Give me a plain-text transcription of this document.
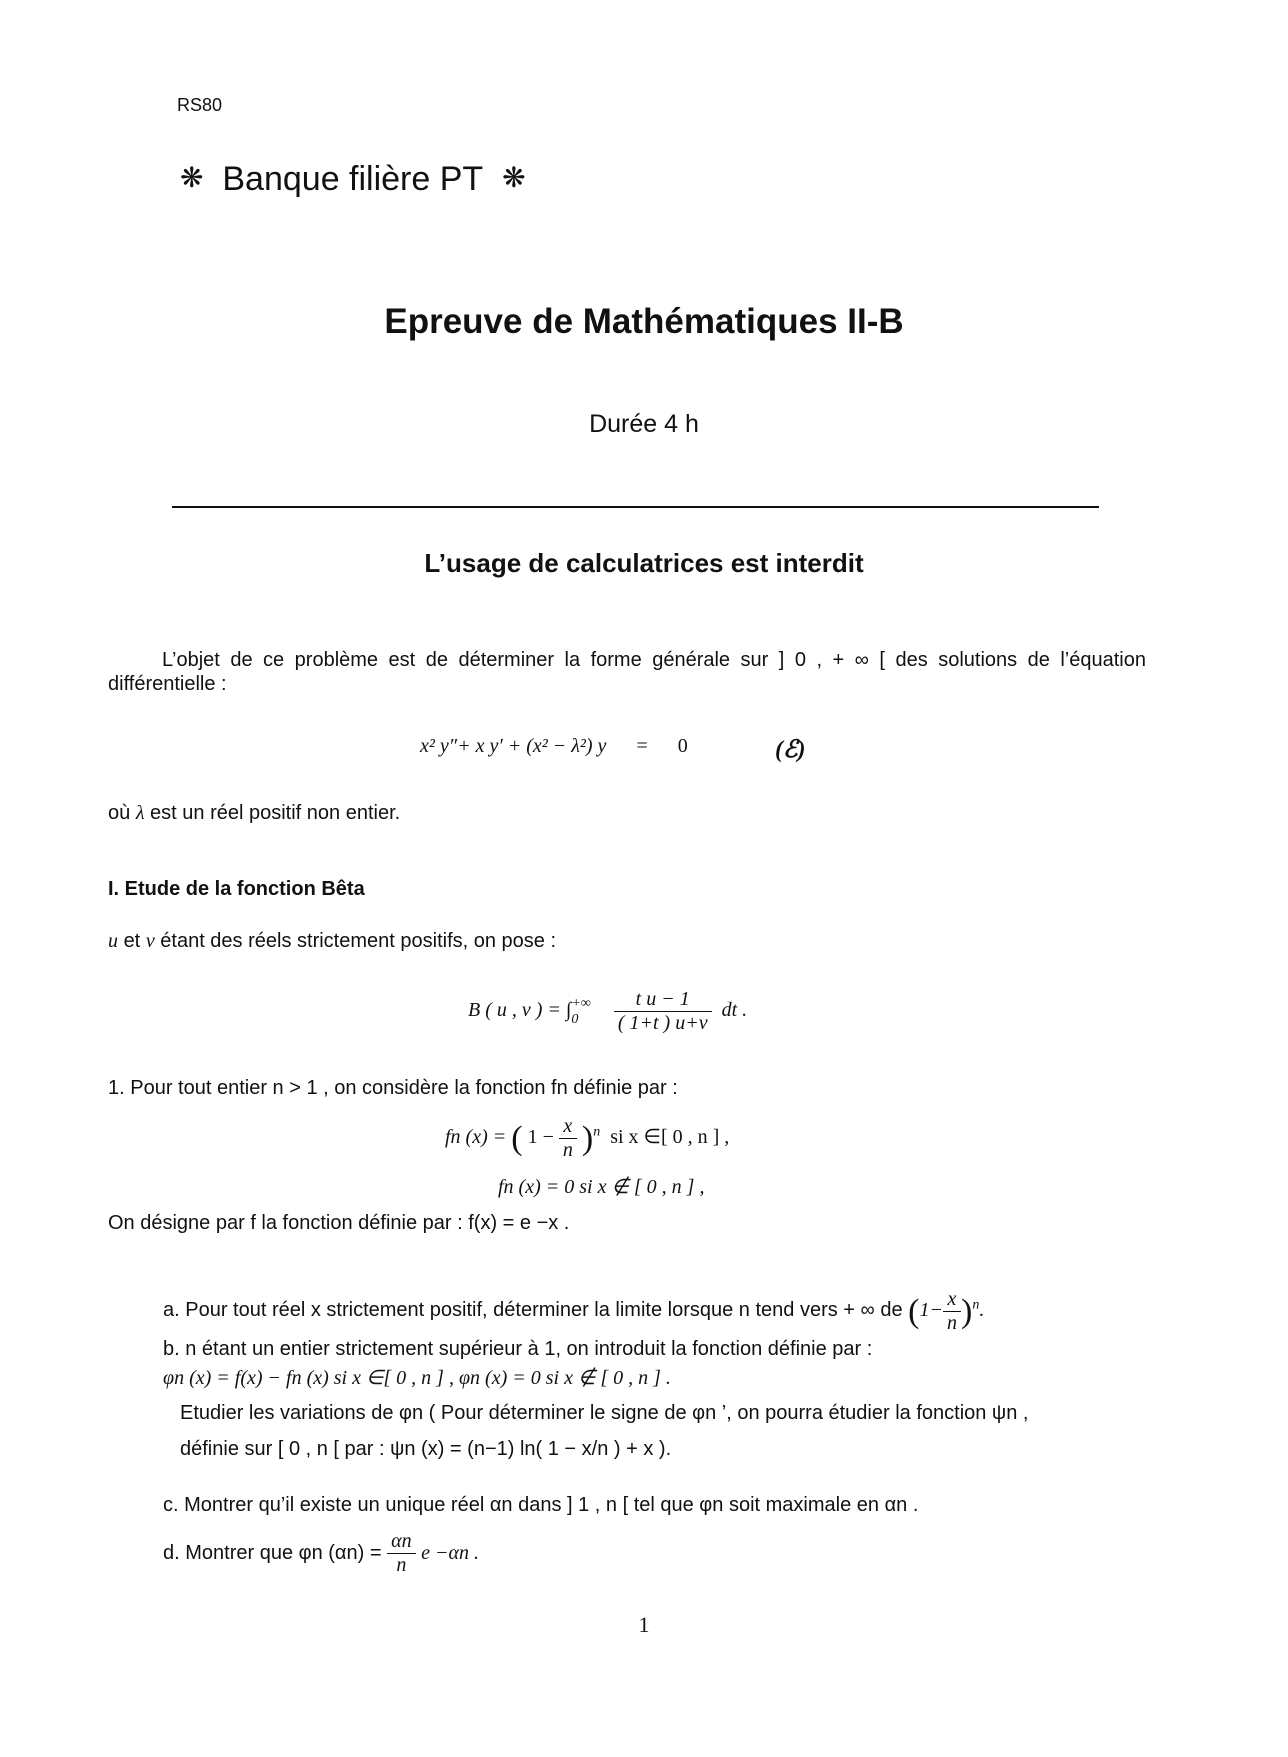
RS80
❋ Banque filière PT ❋
Epreuve de Mathématiques II-B
Durée 4 h
L’usage de calculatrices est interdit
L’objet de ce problème est de déterminer la forme générale sur ] 0 , + ∞ [ des solutions de l’équation différentielle :
x² y″+ x y′ + (x² − λ²) y = 0	(ℰ)
où λ est un réel positif non entier.
I. Etude de la fonction Bêta
u et v étant des réels strictement positifs, on pose :
B ( u , v ) = ∫ +∞
0
	$\frac{\text{t u − 1}}{( 1+t ) u+v}$ dt .
1. Pour tout entier n > 1 , on considère la fonction fn définie par :
fn (x) = ( $1 - \frac{x}{n} )^n$ si x ∈[ 0 , n ] ,
fn (x) = 0 si x ∉ [ 0 , n ] ,
On désigne par f la fonction définie par : f(x) = e −x .
a. Pour tout réel x strictement positif, déterminer la limite lorsque n tend vers + ∞ de $(1- \frac{x}{n} )^n$.
b. n étant un entier strictement supérieur à 1, on introduit la fonction définie par :
φn (x) = f(x) − fn (x) si x ∈[ 0 , n ] , φn (x) = 0 si x ∉ [ 0 , n ] .
Etudier les variations de φn ( Pour déterminer le signe de φn ’, on pourra étudier la fonction ψn ,
définie sur [ 0 , n [ par : ψn (x) = (n−1) ln( 1 − x/n ) + x ).
c. Montrer qu’il existe un unique réel αn dans ] 1 , n [ tel que φn soit maximale en αn .
d. Montrer que φn $(\alpha n) = \frac{\alpha n}{n}$ e −αn .
1
